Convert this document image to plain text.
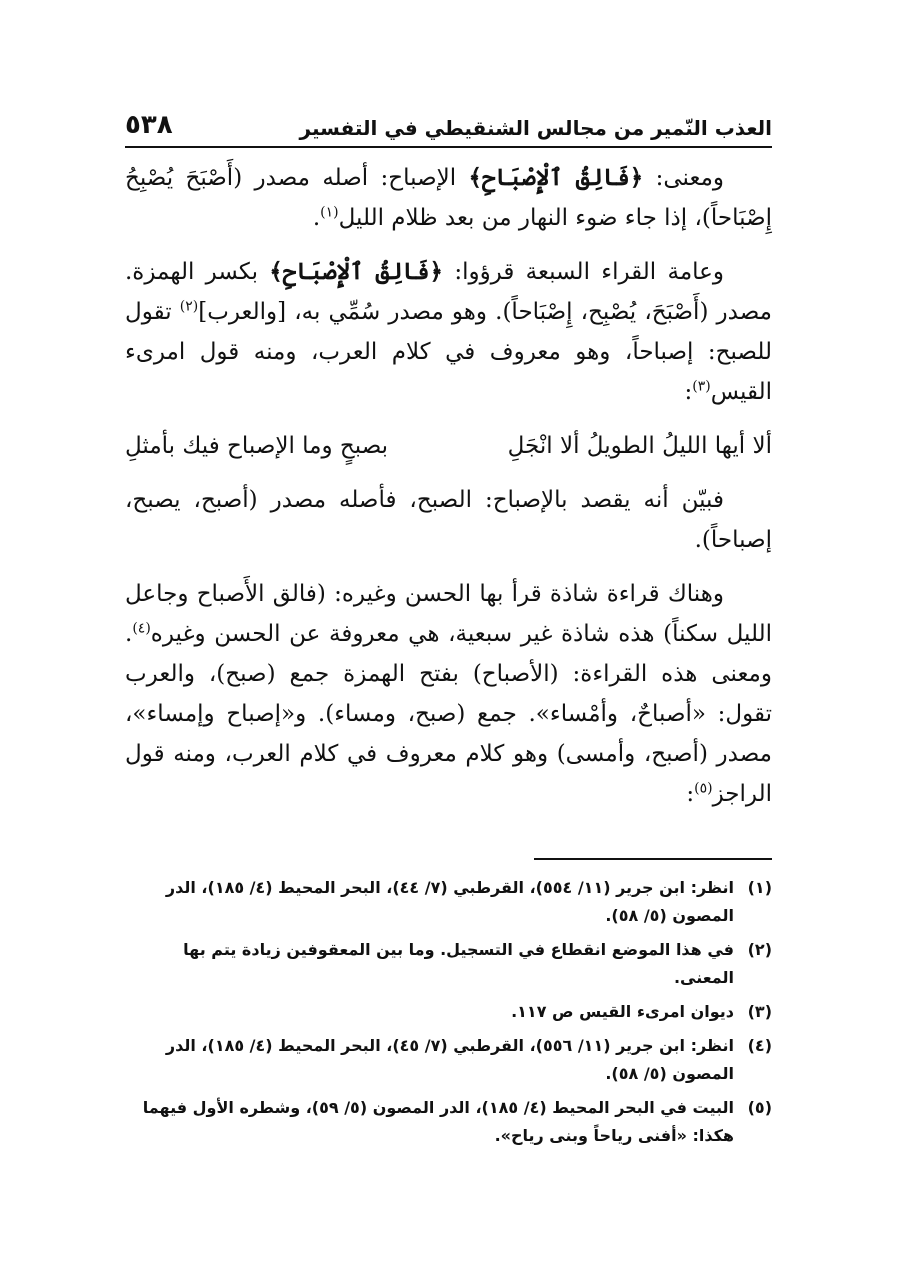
العذب النّمير من مجالس الشنقيطي في التفسير
٥٣٨

ومعنى: ﴿فَالِقُ ٱلْإِصْبَاحِ﴾ الإصباح: أصله مصدر (أَصْبَحَ يُصْبِحُ إِصْبَاحاً)، إذا جاء ضوء النهار من بعد ظلام الليل$^{(١)}$.

وعامة القراء السبعة قرؤوا: ﴿فَالِقُ ٱلْإِصْبَاحِ﴾ بكسر الهمزة. مصدر (أَصْبَحَ، يُصْبِح، إِصْبَاحاً). وهو مصدر سُمِّي به، [والعرب]$^{(٢)}$ تقول للصبح: إصباحاً، وهو معروف في كلام العرب، ومنه قول امرىء القيس$^{(٣)}$:

ألا أيها الليلُ الطويلُ ألا انْجَلِ
بصبحٍ وما الإصباح فيك بأمثلِ

فبيّن أنه يقصد بالإصباح: الصبح، فأصله مصدر (أصبح، يصبح، إصباحاً).

وهناك قراءة شاذة قرأ بها الحسن وغيره: (فالق الأَصباح وجاعل الليل سكناً) هذه شاذة غير سبعية، هي معروفة عن الحسن وغيره$^{(٤)}$. ومعنى هذه القراءة: (الأصباح) بفتح الهمزة جمع (صبح)، والعرب تقول: «أصباحٌ، وأمْساء». جمع (صبح، ومساء). و«إصباح وإمساء»، مصدر (أصبح، وأمسى) وهو كلام معروف في كلام العرب، ومنه قول الراجز$^{(٥)}$:

(١)
انظر: ابن جرير (١١/ ٥٥٤)، القرطبي (٧/ ٤٤)، البحر المحيط (٤/ ١٨٥)، الدر المصون (٥/ ٥٨).
(٢)
في هذا الموضع انقطاع في التسجيل. وما بين المعقوفين زيادة يتم بها المعنى.
(٣)
ديوان امرىء القيس ص ١١٧.
(٤)
انظر: ابن جرير (١١/ ٥٥٦)، القرطبي (٧/ ٤٥)، البحر المحيط (٤/ ١٨٥)، الدر المصون (٥/ ٥٨).
(٥)
البيت في البحر المحيط (٤/ ١٨٥)، الدر المصون (٥/ ٥٩)، وشطره الأول فيهما هكذا: «أفنى رياحاً وبنى رياح».
